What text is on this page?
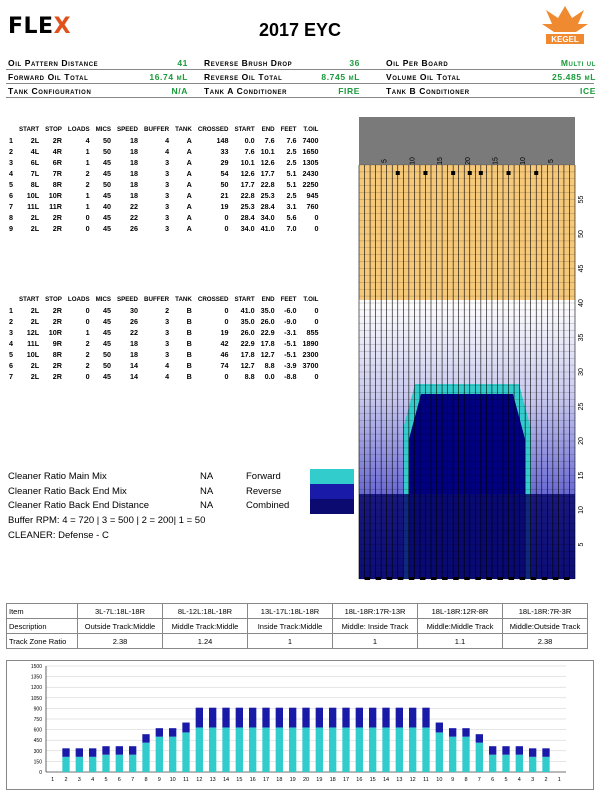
FLEX	2017 EYC	KEGEL
Oil Pattern Distance	41 Reverse Brush Drop	36	Oil Per Board	Multi ul
Forward Oil Total	16.74 mL Reverse Oil Total	8.745 mL	Volume Oil Total	25.485 mL
Tank Configuration	N/A Tank A Conditioner	FIRE	Tank B Conditioner	ICE
	START	STOP	LOADS	MICS	SPEED	BUFFER	TANK	CROSSED	START	END	FEET	T.OIL
1	2L	2R	4	50	18	4	A	148	0.0	7.6	7.6	7400
2	4L	4R	1	50	18	4	A	33	7.6	10.1	2.5	1650
3	6L	6R	1	45	18	3	A	29	10.1	12.6	2.5	1305
4	7L	7R	2	45	18	3	A	54	12.6	17.7	5.1	2430
5	8L	8R	2	50	18	3	A	50	17.7	22.8	5.1	2250
6	10L	10R	1	45	18	3	A	21	22.8	25.3	2.5	945
7	11L	11R	1	40	22	3	A	19	25.3	28.4	3.1	760
8	2L	2R	0	45	22	3	A	0	28.4	34.0	5.6	0
9	2L	2R	0	45	26	3	A	0	34.0	41.0	7.0	0
	START	STOP	LOADS	MICS	SPEED	BUFFER	TANK	CROSSED	START	END	FEET	T.OIL
1	2L	2R	0	45	30	2	B	0	41.0	35.0	-6.0	0
2	2L	2R	0	45	26	3	B	0	35.0	26.0	-9.0	0
3	12L	10R	1	45	22	3	B	19	26.0	22.9	-3.1	855
4	11L	9R	2	45	18	3	B	42	22.9	17.8	-5.1	1890
5	10L	8R	2	50	18	3	B	46	17.8	12.7	-5.1	2300
6	2L	2R	2	50	14	4	B	74	12.7	8.8	-3.9	3700
7	2L	2R	0	45	14	4	B	0	8.8	0.0	-8.8	0
Cleaner Ratio Main Mix	NA
Cleaner Ratio Back End Mix	NA
Cleaner Ratio Back End Distance	NA
Buffer RPM: 4 = 720 | 3 = 500 | 2 = 200| 1 = 50
CLEANER: Defense - C
Forward
Reverse
Combined
5	10	15	20	15	10	5
55
50
45
40
35
30
25
20
15
10
5
Item	3L-7L:18L-18R	8L-12L:18L-18R	13L-17L:18L-18R	18L-18R:17R-13R	18L-18R:12R-8R	18L-18R:7R-3R
Description	Outside Track:Middle	Middle Track:Middle	Inside Track:Middle	Middle: Inside Track	Middle:Middle Track	Middle:Outside Track
Track Zone Ratio	2.38	1.24	1	1	1.1	2.38
1500
1350
1200
1050
900
750
600
450
300
150
0
1 2 3 4 5 6 7 8 9 10 11 12 13 14 15 16 17 18 19 20 19 18 17 16 15 14 13 12 11 10 9 8 7 6 5 4 3 2 1
